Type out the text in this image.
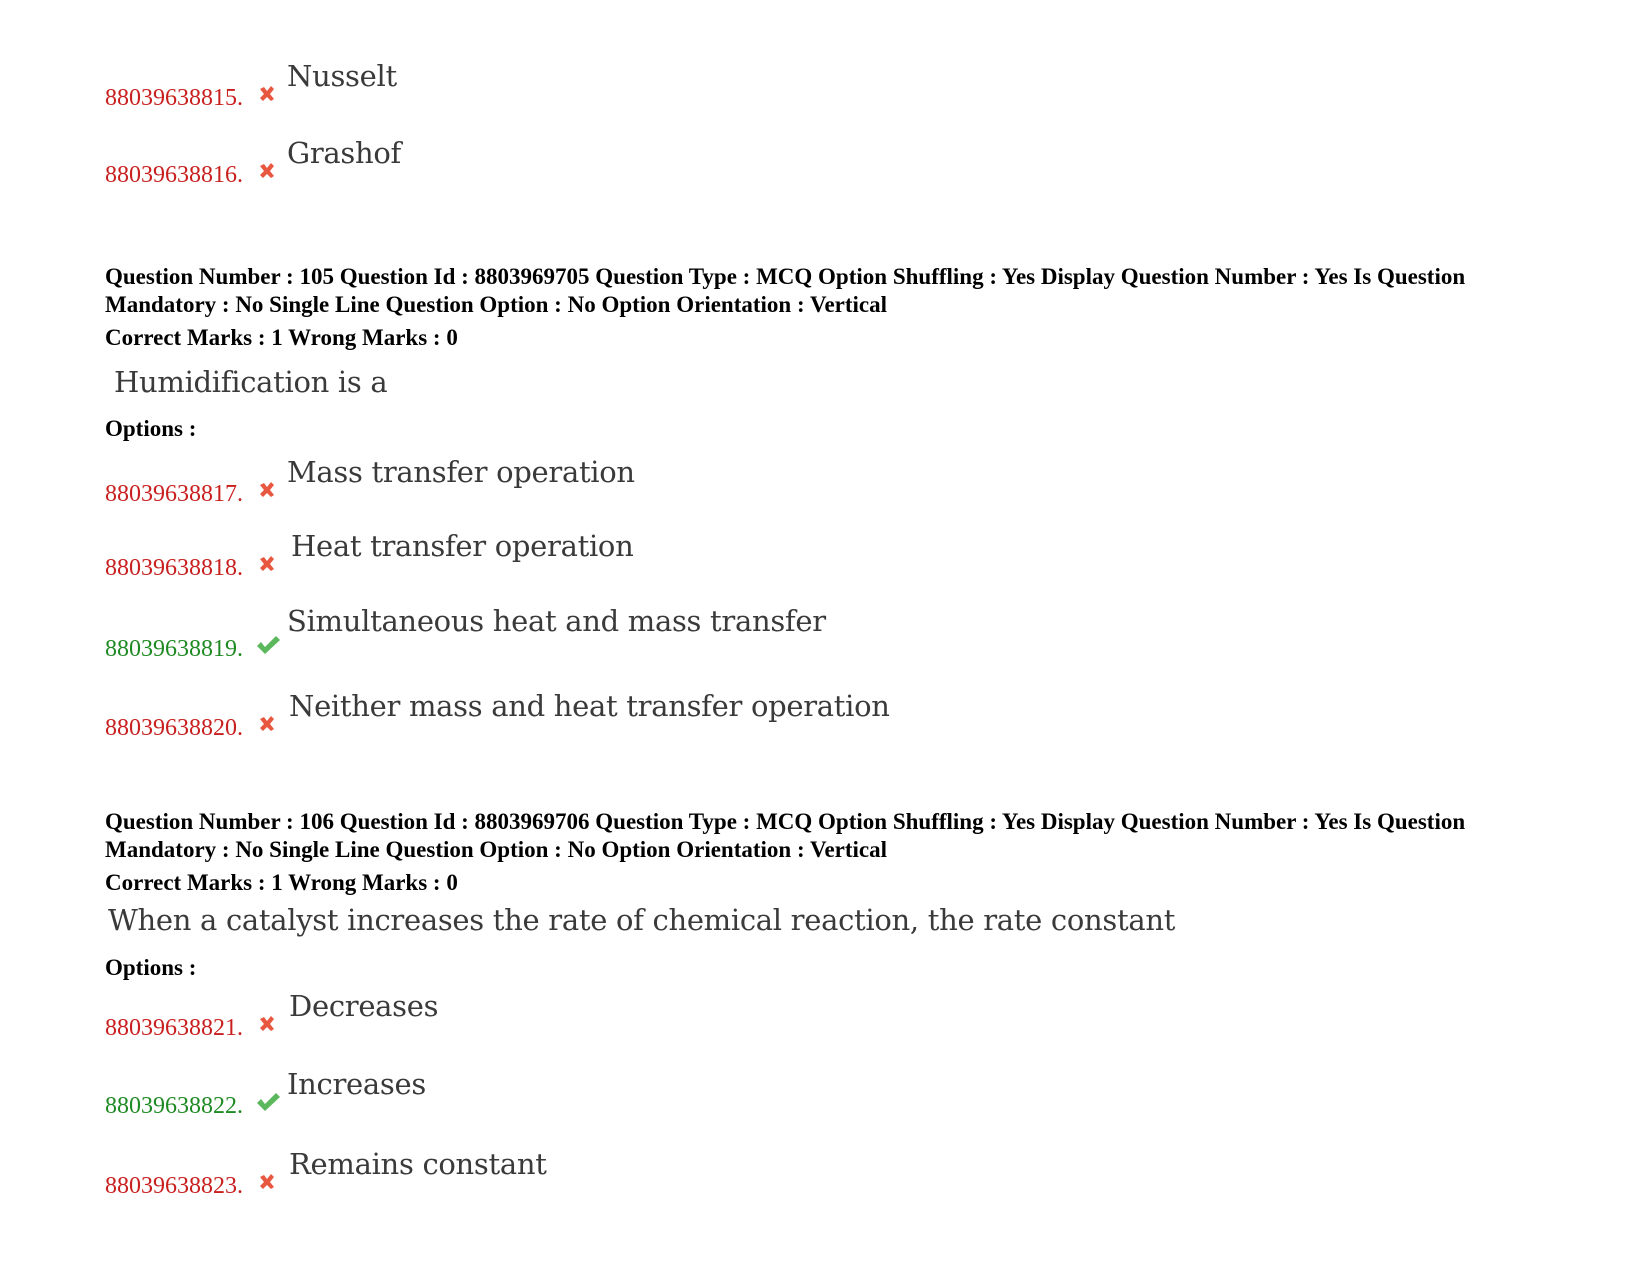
88039638815.
Nusselt
88039638816.
Grashof
Question Number : 105 Question Id : 8803969705 Question Type : MCQ Option Shuffling : Yes Display Question Number : Yes Is Question Mandatory : No Single Line Question Option : No Option Orientation : Vertical
Correct Marks : 1 Wrong Marks : 0
Humidification is a
Options :
88039638817.
Mass transfer operation
88039638818.
Heat transfer operation
88039638819.
Simultaneous heat and mass transfer
88039638820.
Neither mass and heat transfer operation
Question Number : 106 Question Id : 8803969706 Question Type : MCQ Option Shuffling : Yes Display Question Number : Yes Is Question Mandatory : No Single Line Question Option : No Option Orientation : Vertical
Correct Marks : 1 Wrong Marks : 0
When a catalyst increases the rate of chemical reaction, the rate constant
Options :
88039638821.
Decreases
88039638822.
Increases
88039638823.
Remains constant
